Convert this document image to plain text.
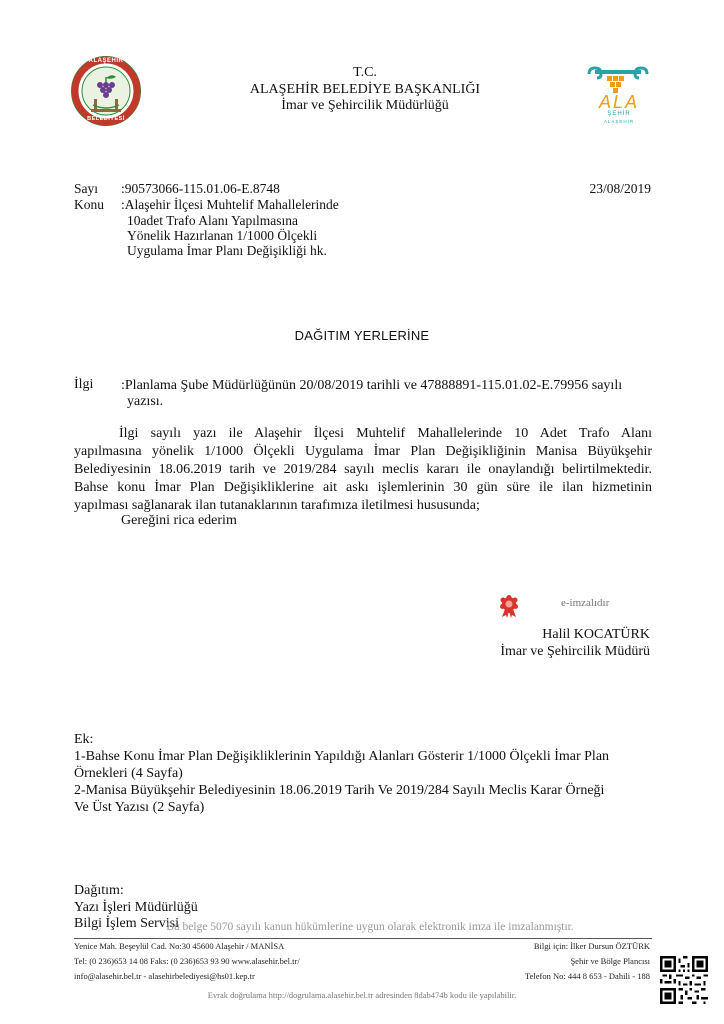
ALAŞEHİR
BELEDİYESİ
T.C.
ALAŞEHİR BELEDİYE BAŞKANLIĞI
İmar ve Şehircilik Müdürlüğü	ALA
ŞEHİR
ALAŞEHİR
Sayı :90573066-115.01.06-E.8748	23/08/2019
Konu :Alaşehir İlçesi Muhtelif Mahallelerinde
10adet Trafo Alanı Yapılmasına
Yönelik Hazırlanan 1/1000 Ölçekli
Uygulama İmar Planı Değişikliği hk.
DAĞITIM YERLERİNE
İlgi :Planlama Şube Müdürlüğünün 20/08/2019 tarihli ve 47888891-115.01.02-E.79956 sayılı
yazısı.
İlgi sayılı yazı ile Alaşehir İlçesi Muhtelif Mahallelerinde 10 Adet Trafo Alanı
yapılmasına yönelik 1/1000 Ölçekli Uygulama İmar Plan Değişikliğinin Manisa Büyükşehir
Belediyesinin 18.06.2019 tarih ve 2019/284 sayılı meclis kararı ile onaylandığı belirtilmektedir.
Bahse konu İmar Plan Değişikliklerine ait askı işlemlerinin 30 gün süre ile ilan hizmetinin
yapılması sağlanarak ilan tutanaklarının tarafımıza iletilmesi hususunda;
Gereğini rica ederim
e-imzalıdır
Halil KOCATÜRK
İmar ve Şehircilik Müdürü
Ek:
1-Bahse Konu İmar Plan Değişikliklerinin Yapıldığı Alanları Gösterir 1/1000 Ölçekli İmar Plan
Örnekleri (4 Sayfa)
2-Manisa Büyükşehir Belediyesinin 18.06.2019 Tarih Ve 2019/284 Sayılı Meclis Karar Örneği
Ve Üst Yazısı (2 Sayfa)
Dağıtım:
Yazı İşleri Müdürlüğü
Bilgi İşlem Servisi
Bu belge 5070 sayılı kanun hükümlerine uygun olarak elektronik imza ile imzalanmıştır.
Yenice Mah. Beşeylül Cad. No:30 45600 Alaşehir / MANİSA
Tel: (0 236)653 14 08 Faks: (0 236)653 93 90 www.alasehir.bel.tr/
info@alasehir.bel.tr - alasehirbelediyesi@hs01.kep.tr
Bilgi için: İlker Dursun ÖZTÜRK
Şehir ve Bölge Plancısı
Telefon No: 444 8 653 - Dahili - 188
Evrak doğrulama http://dogrulama.alasehir.bel.tr adresinden 8dab474b kodu ile yapılabilir.
